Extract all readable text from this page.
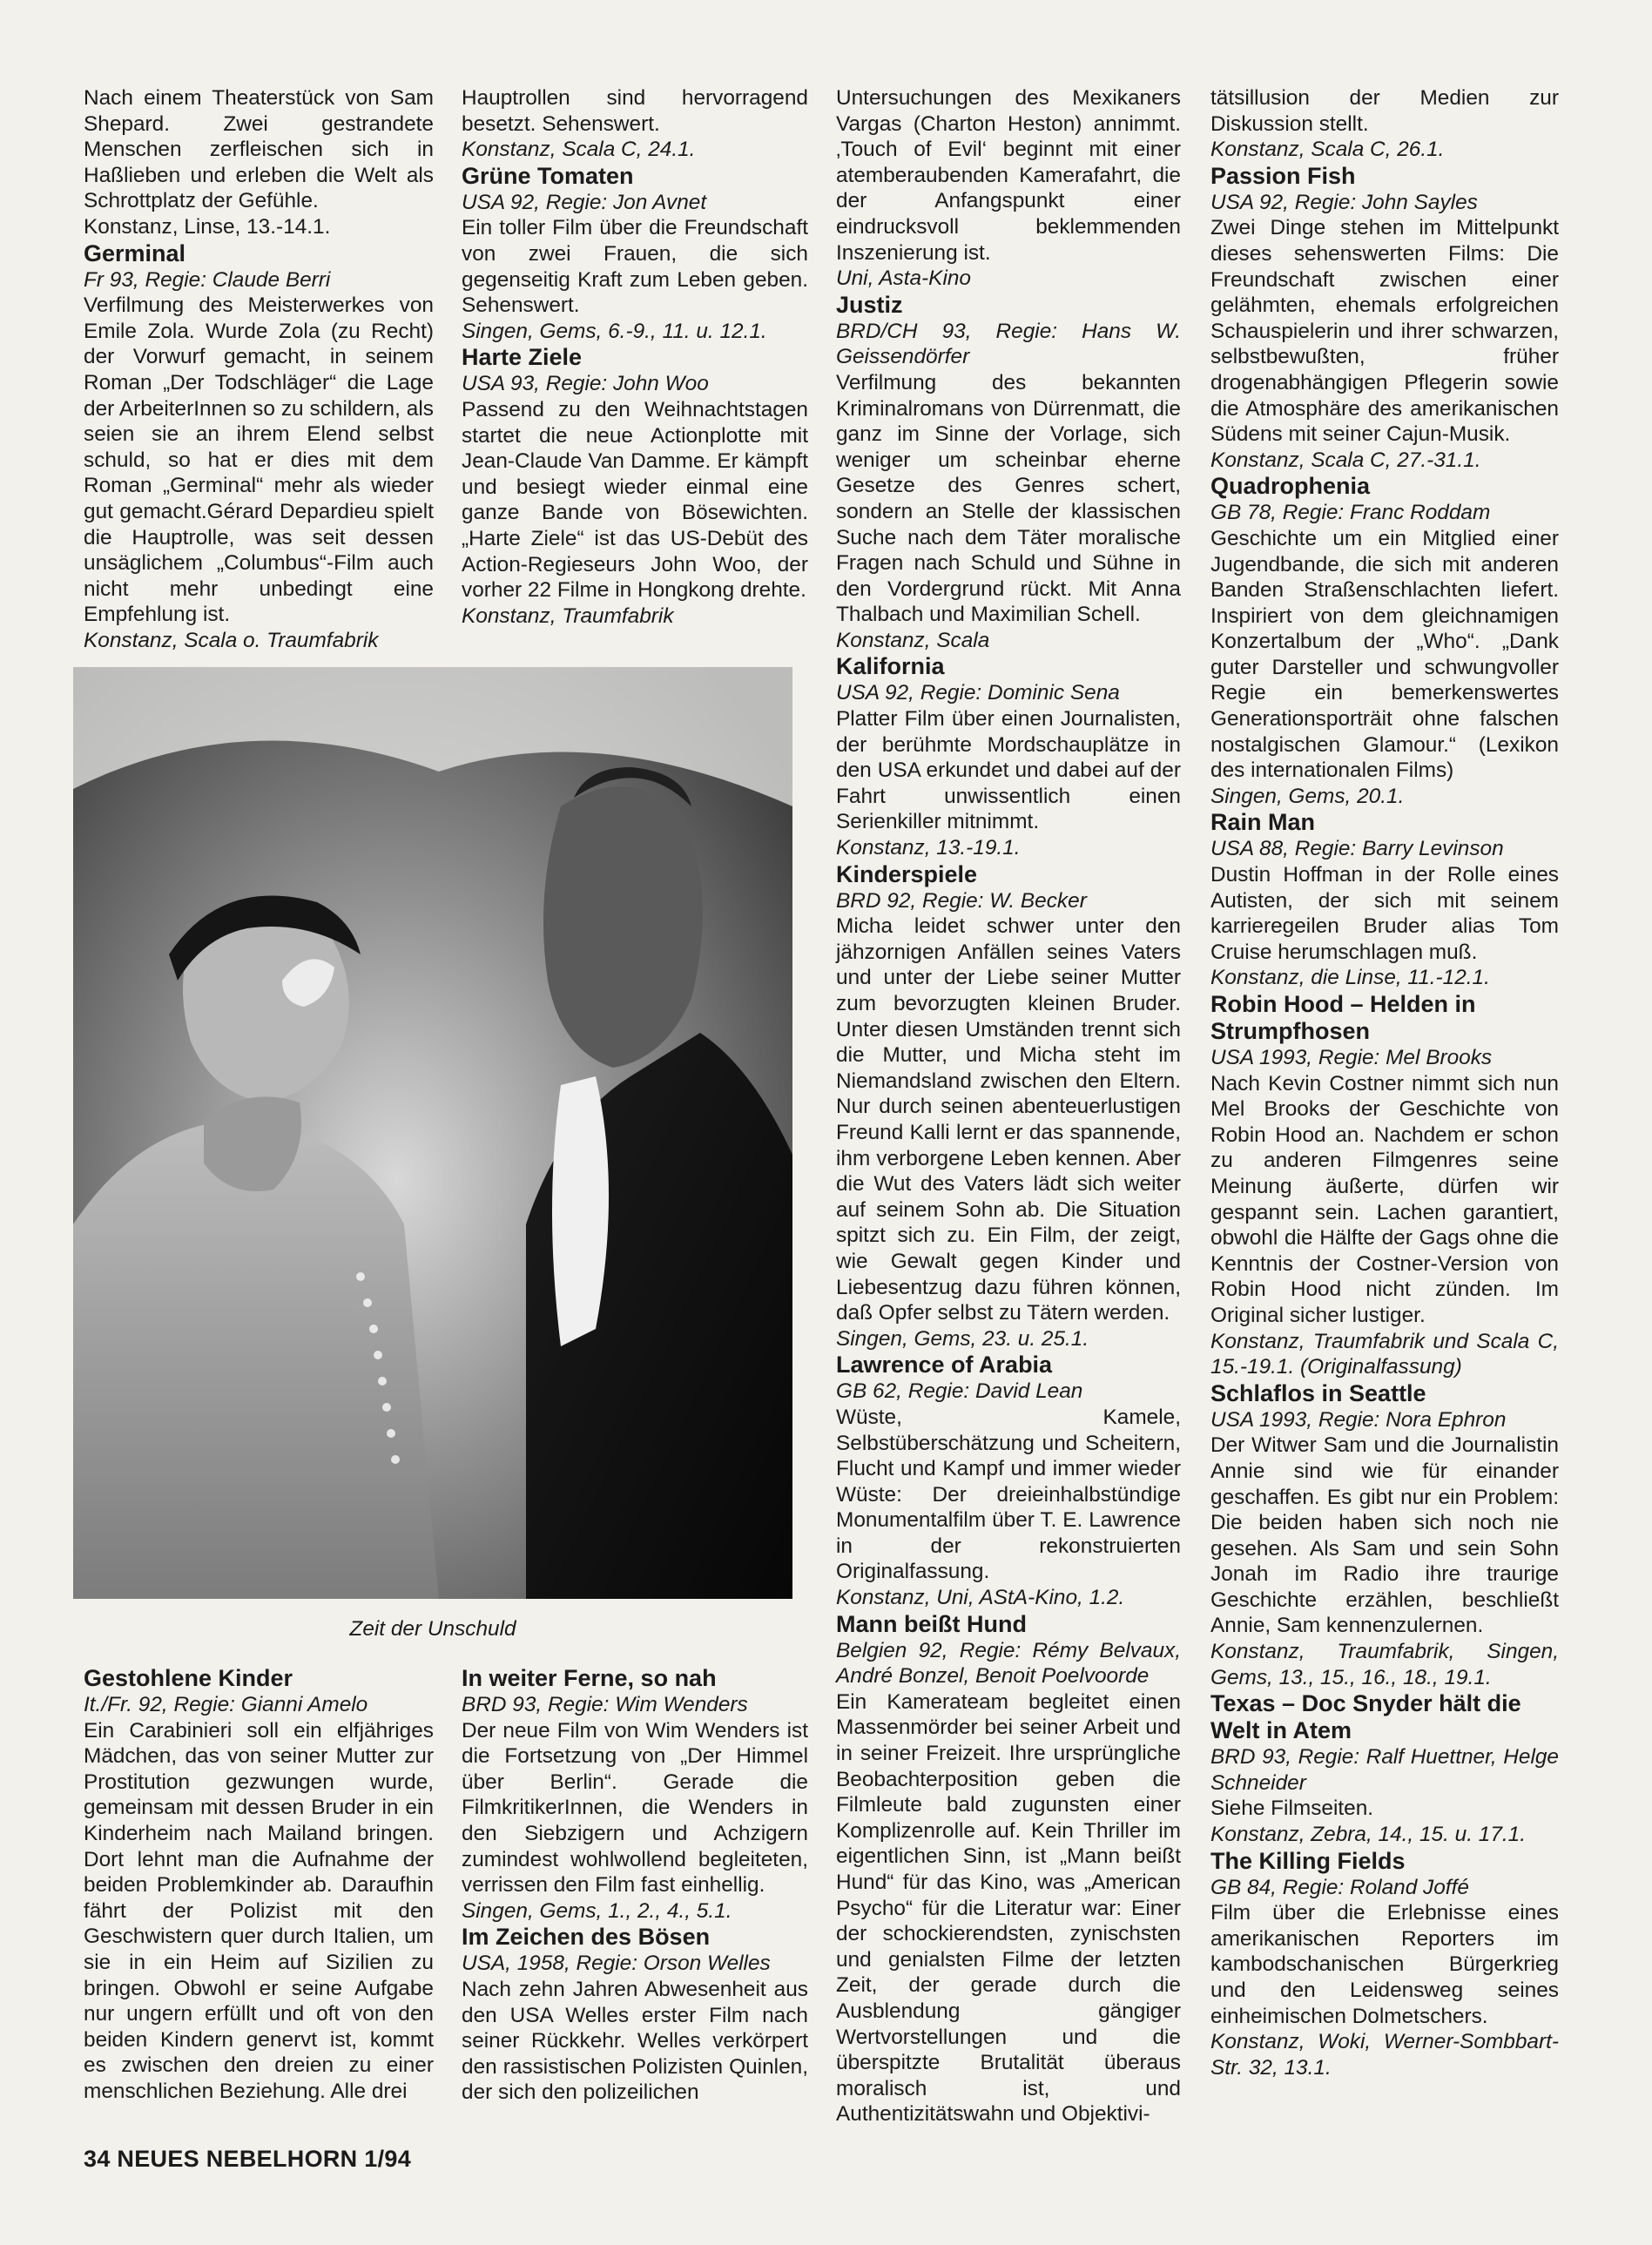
Nach einem Theaterstück von Sam Shepard. Zwei gestrandete Menschen zerfleischen sich in Haßlieben und erleben die Welt als Schrottplatz der Gefühle.

Konstanz, Linse, 13.-14.1.

Germinal

Fr 93, Regie: Claude Berri

Verfilmung des Meisterwerkes von Emile Zola. Wurde Zola (zu Recht) der Vorwurf gemacht, in seinem Roman „Der Todschläger“ die Lage der ArbeiterInnen so zu schildern, als seien sie an ihrem Elend selbst schuld, so hat er dies mit dem Roman „Germinal“ mehr als wieder gut gemacht.Gérard Depardieu spielt die Hauptrolle, was seit dessen unsäglichem „Columbus“-Film auch nicht mehr unbedingt eine Empfehlung ist.

Konstanz, Scala o. Traumfabrik

Hauptrollen sind hervorragend besetzt. Sehenswert.

Konstanz, Scala C, 24.1.

Grüne Tomaten

USA 92, Regie: Jon Avnet

Ein toller Film über die Freundschaft von zwei Frauen, die sich gegenseitig Kraft zum Leben geben. Sehenswert.

Singen, Gems, 6.-9., 11. u. 12.1.

Harte Ziele

USA 93, Regie: John Woo

Passend zu den Weihnachtstagen startet die neue Actionplotte mit Jean-Claude Van Damme. Er kämpft und besiegt wieder einmal eine ganze Bande von Bösewichten.„Harte Ziele“ ist das US-Debüt des Action-Regieseurs John Woo, der vorher 22 Filme in Hongkong drehte.

Konstanz, Traumfabrik

Zeit der Unschuld
Gestohlene Kinder

It./Fr. 92, Regie: Gianni Amelo

Ein Carabinieri soll ein elfjähriges Mädchen, das von seiner Mutter zur Prostitution gezwungen wurde, gemeinsam mit dessen Bruder in ein Kinderheim nach Mailand bringen. Dort lehnt man die Aufnahme der beiden Problemkinder ab. Daraufhin fährt der Polizist mit den Geschwistern quer durch Italien, um sie in ein Heim auf Sizilien zu bringen. Obwohl er seine Aufgabe nur ungern erfüllt und oft von den beiden Kindern genervt ist, kommt es zwischen den dreien zu einer menschlichen Beziehung. Alle drei

In weiter Ferne, so nah

BRD 93, Regie: Wim Wenders

Der neue Film von Wim Wenders ist die Fortsetzung von „Der Himmel über Berlin“. Gerade die FilmkritikerInnen, die Wenders in den Siebzigern und Achzigern zumindest wohlwollend begleiteten, verrissen den Film fast einhellig.

Singen, Gems, 1., 2., 4., 5.1.

Im Zeichen des Bösen

USA, 1958, Regie: Orson Welles

Nach zehn Jahren Abwesenheit aus den USA Welles erster Film nach seiner Rückkehr. Welles verkörpert den rassistischen Polizisten Quinlen, der sich den polizeilichen

Untersuchungen des Mexikaners Vargas (Charton Heston) annimmt. ‚Touch of Evil‘ beginnt mit einer atemberaubenden Kamerafahrt, die der Anfangspunkt einer eindrucksvoll beklemmenden Inszenierung ist.

Uni, Asta-Kino

Justiz

BRD/CH 93, Regie: Hans W. Geissendörfer

Verfilmung des bekannten Kriminalromans von Dürrenmatt, die ganz im Sinne der Vorlage, sich weniger um scheinbar eherne Gesetze des Genres schert, sondern an Stelle der klassischen Suche nach dem Täter moralische Fragen nach Schuld und Sühne in den Vordergrund rückt. Mit Anna Thalbach und Maximilian Schell.

Konstanz, Scala

Kalifornia

USA 92, Regie: Dominic Sena

Platter Film über einen Journalisten, der berühmte Mordschauplätze in den USA erkundet und dabei auf der Fahrt unwissentlich einen Serienkiller mitnimmt.

Konstanz, 13.-19.1.

Kinderspiele

BRD 92, Regie: W. Becker

Micha leidet schwer unter den jähzornigen Anfällen seines Vaters und unter der Liebe seiner Mutter zum bevorzugten kleinen Bruder. Unter diesen Umständen trennt sich die Mutter, und Micha steht im Niemandsland zwischen den Eltern. Nur durch seinen abenteuerlustigen Freund Kalli lernt er das spannende, ihm verborgene Leben kennen. Aber die Wut des Vaters lädt sich weiter auf seinem Sohn ab. Die Situation spitzt sich zu. Ein Film, der zeigt, wie Gewalt gegen Kinder und Liebesentzug dazu führen können, daß Opfer selbst zu Tätern werden.

Singen, Gems, 23. u. 25.1.

Lawrence of Arabia

GB 62, Regie: David Lean

Wüste, Kamele, Selbstüberschätzung und Scheitern, Flucht und Kampf und immer wieder Wüste: Der dreieinhalbstündige Monumentalfilm über T. E. Lawrence in der rekonstruierten Originalfassung.

Konstanz, Uni, AStA-Kino, 1.2.

Mann beißt Hund

Belgien 92, Regie: Rémy Belvaux, André Bonzel, Benoit Poelvoorde

Ein Kamerateam begleitet einen Massenmörder bei seiner Arbeit und in seiner Freizeit. Ihre ursprüngliche Beobachterposition geben die Filmleute bald zugunsten einer Komplizenrolle auf. Kein Thriller im eigentlichen Sinn, ist „Mann beißt Hund“ für das Kino, was „American Psycho“ für die Literatur war: Einer der schockierendsten, zynischsten und genialsten Filme der letzten Zeit, der gerade durch die Ausblendung gängiger Wertvorstellungen und die überspitzte Brutalität überaus moralisch ist, und Authentizitätswahn und Objektivi-

tätsillusion der Medien zur Diskussion stellt.

Konstanz, Scala C, 26.1.

Passion Fish

USA 92, Regie: John Sayles

Zwei Dinge stehen im Mittelpunkt dieses sehenswerten Films: Die Freundschaft zwischen einer gelähmten, ehemals erfolgreichen Schauspielerin und ihrer schwarzen, selbstbewußten, früher drogenabhängigen Pflegerin sowie die Atmosphäre des amerikanischen Südens mit seiner Cajun-Musik.

Konstanz, Scala C, 27.-31.1.

Quadrophenia

GB 78, Regie: Franc Roddam

Geschichte um ein Mitglied einer Jugendbande, die sich mit anderen Banden Straßenschlachten liefert. Inspiriert von dem gleichnamigen Konzertalbum der „Who“. „Dank guter Darsteller und schwungvoller Regie ein bemerkenswertes Generationsporträit ohne falschen nostalgischen Glamour.“ (Lexikon des internationalen Films)

Singen, Gems, 20.1.

Rain Man

USA 88, Regie: Barry Levinson

Dustin Hoffman in der Rolle eines Autisten, der sich mit seinem karrieregeilen Bruder alias Tom Cruise herumschlagen muß.

Konstanz, die Linse, 11.-12.1.

Robin Hood – Helden in Strumpfhosen

USA 1993, Regie: Mel Brooks

Nach Kevin Costner nimmt sich nun Mel Brooks der Geschichte von Robin Hood an. Nachdem er schon zu anderen Filmgenres seine Meinung äußerte, dürfen wir gespannt sein. Lachen garantiert, obwohl die Hälfte der Gags ohne die Kenntnis der Costner-Version von Robin Hood nicht zünden. Im Original sicher lustiger.

Konstanz, Traumfabrik und Scala C, 15.-19.1. (Originalfassung)

Schlaflos in Seattle

USA 1993, Regie: Nora Ephron

Der Witwer Sam und die Journalistin Annie sind wie für einander geschaffen. Es gibt nur ein Problem: Die beiden haben sich noch nie gesehen. Als Sam und sein Sohn Jonah im Radio ihre traurige Geschichte erzählen, beschließt Annie, Sam kennenzulernen.

Konstanz, Traumfabrik, Singen, Gems, 13., 15., 16., 18., 19.1.

Texas – Doc Snyder hält die Welt in Atem

BRD 93, Regie: Ralf Huettner, Helge Schneider

Siehe Filmseiten.

Konstanz, Zebra, 14., 15. u. 17.1.

The Killing Fields

GB 84, Regie: Roland Joffé

Film über die Erlebnisse eines amerikanischen Reporters im kambodschanischen Bürgerkrieg und den Leidensweg seines einheimischen Dolmetschers.

Konstanz, Woki, Werner-Sombbart-Str. 32, 13.1.

34 NEUES NEBELHORN 1/94
